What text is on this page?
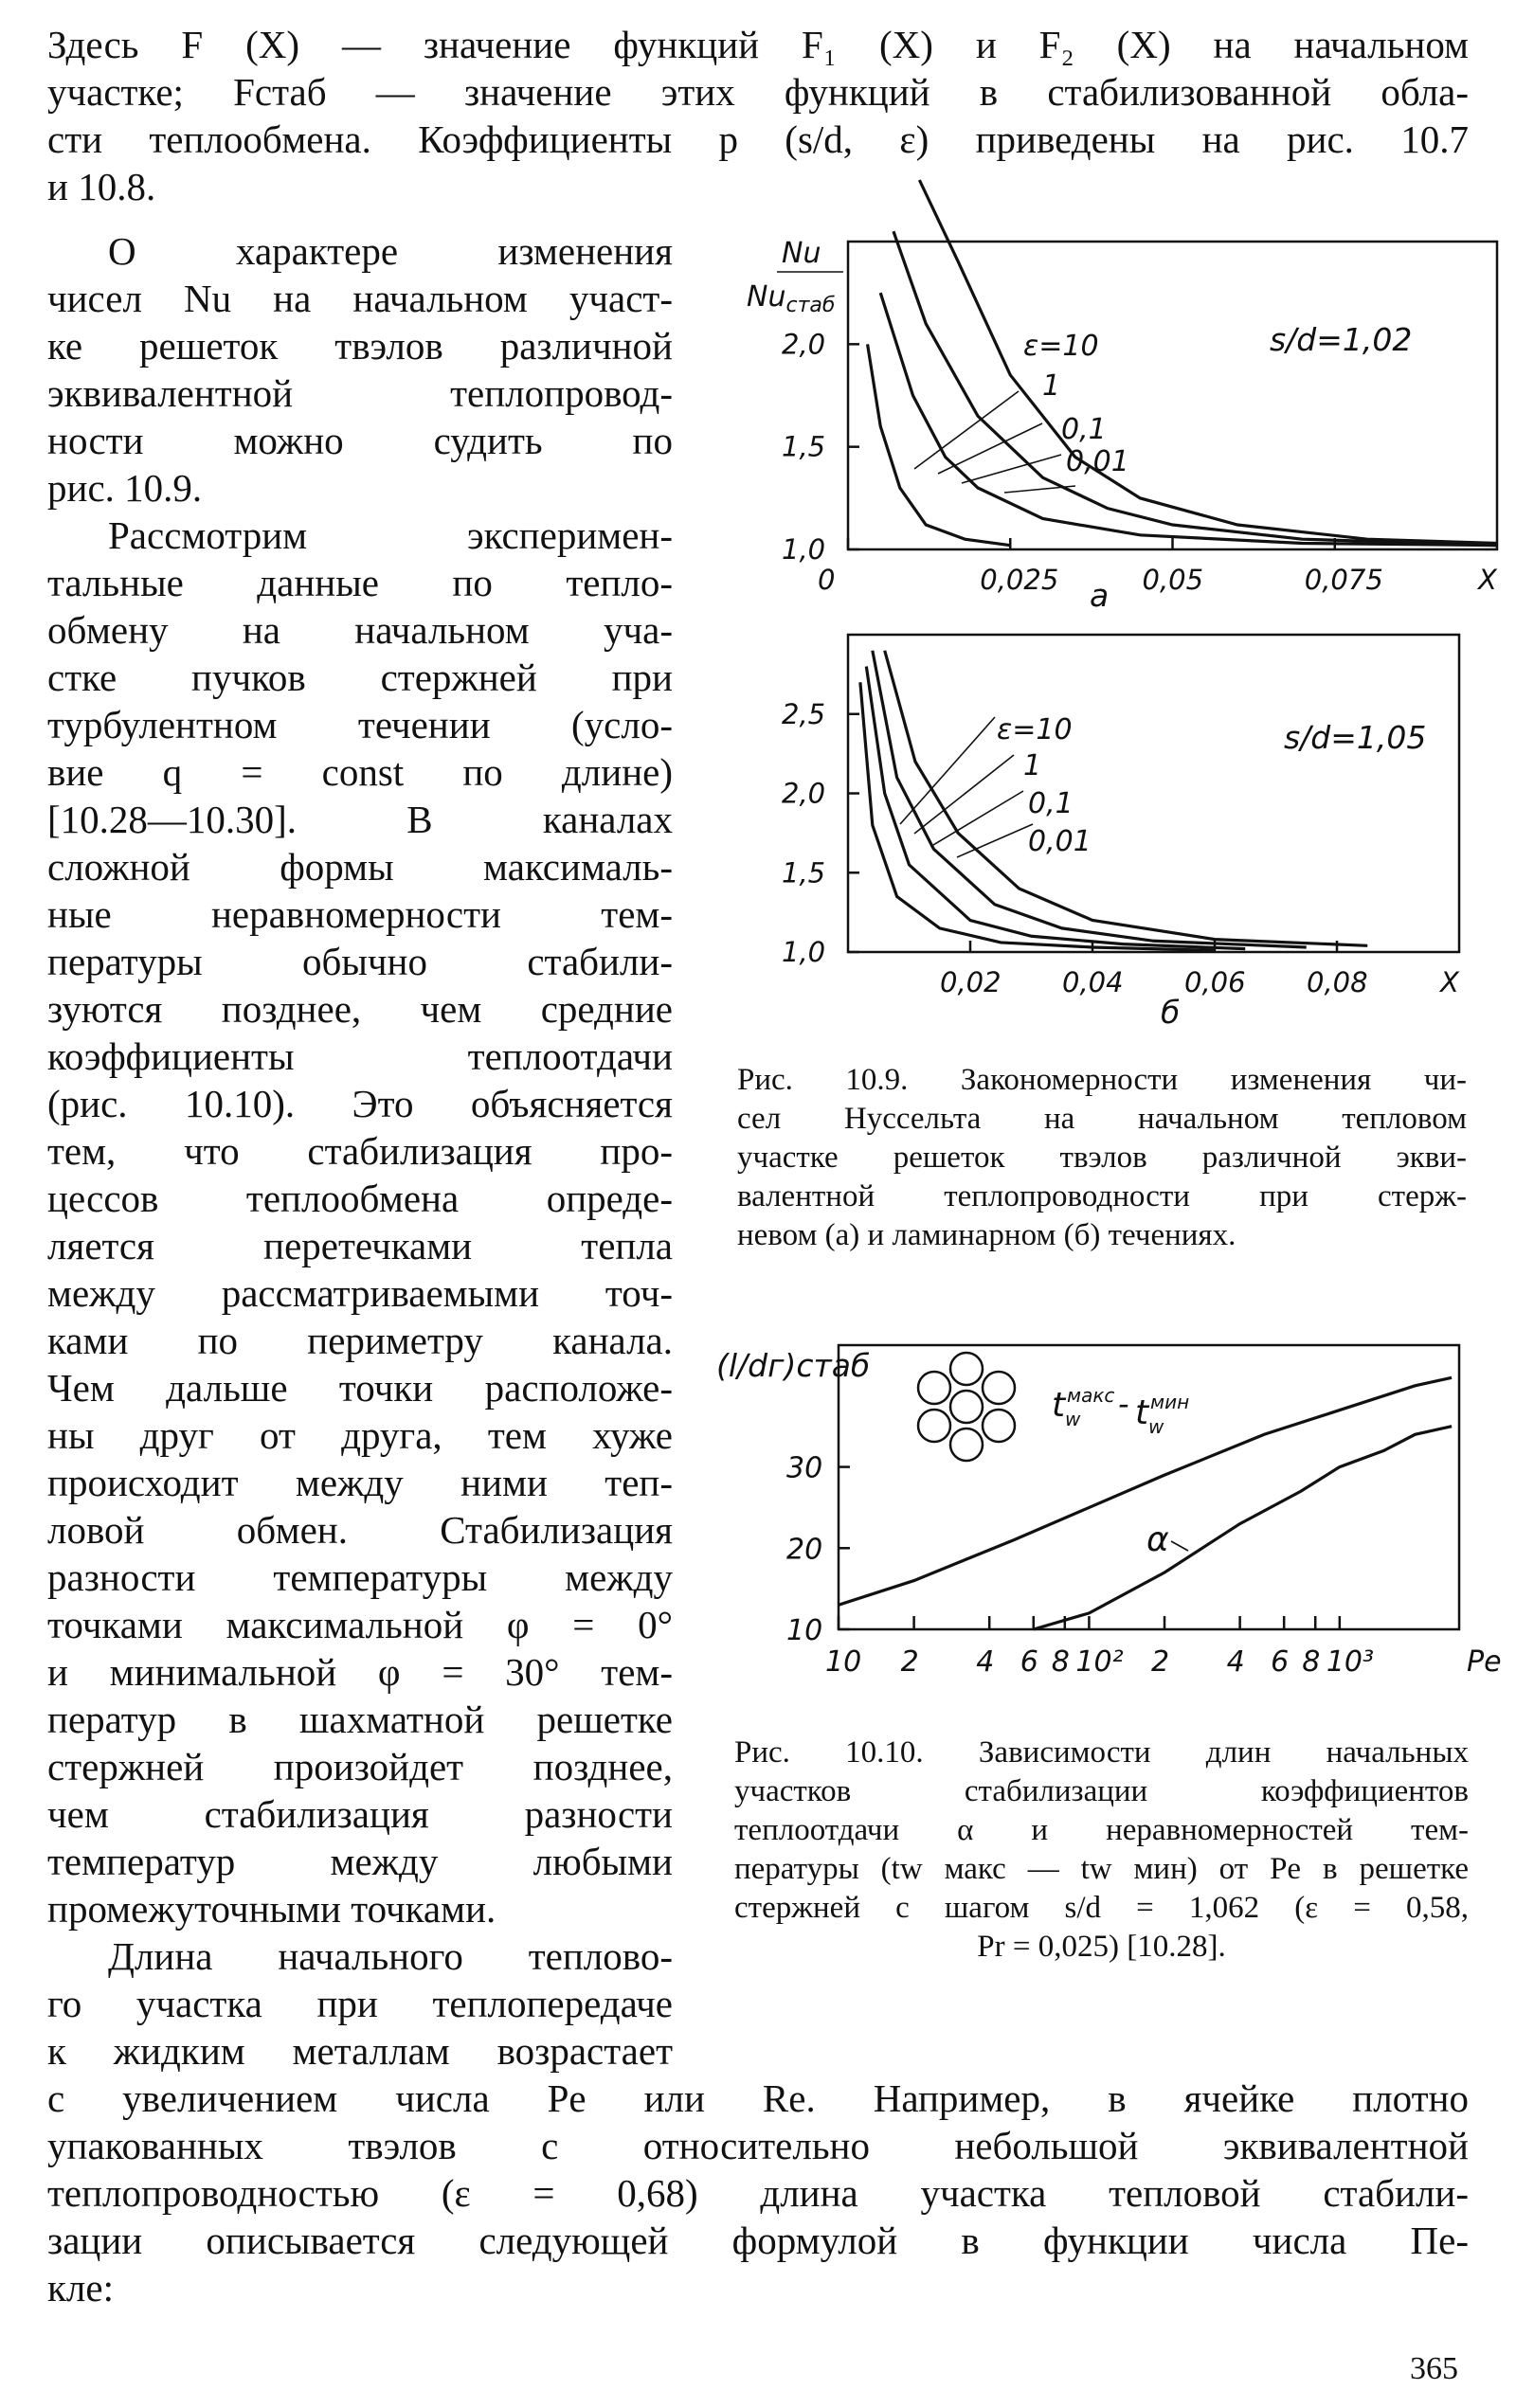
Здесь F (X) — значение функций F₁ (X) и F₂ (X) на начальном
участке; Fстаб — значение этих функций в стабилизованной обла-
сти теплообмена. Коэффициенты p (s/d, ε) приведены на рис. 10.7
и 10.8.
О характере изменения
чисел Nu на начальном участ-
ке решеток твэлов различной
эквивалентной теплопровод-
ности можно судить по
рис. 10.9.
Рассмотрим эксперимен-
тальные данные по тепло-
обмену на начальном уча-
стке пучков стержней при
турбулентном течении (усло-
вие q = const по длине)
[10.28—10.30]. В каналах
сложной формы максималь-
ные неравномерности тем-
пературы обычно стабили-
зуются позднее, чем средние
коэффициенты теплоотдачи
(рис. 10.10). Это объясняется
тем, что стабилизация про-
цессов теплообмена опреде-
ляется перетечками тепла
между рассматриваемыми точ-
ками по периметру канала.
Чем дальше точки расположе-
ны друг от друга, тем хуже
происходит между ними теп-
ловой обмен. Стабилизация
разности температуры между
точками максимальной φ = 0°
и минимальной φ = 30° тем-
ператур в шахматной решетке
стержней произойдет позднее,
чем стабилизация разности
температур между любыми
промежуточными точками.
Длина начального теплово-
го участка при теплопередаче
к жидким металлам возрастает
с увеличением числа Pe или Re. Например, в ячейке плотно
упакованных твэлов с относительно небольшой эквивалентной
теплопроводностью (ε = 0,68) длина участка тепловой стабили-
зации описывается следующей формулой в функции числа Пе-
кле:
Nu
$Nu_{стаб}$
1,0
1,5
2,0
0	0,025	0,05	0,075	X
ε=10
1
0,1
0,01
s/d=1,02
а
1,0
1,5
2,0
2,5
0,02 0,04 0,06 0,08	X
ε=10
1
0,1
0,01
s/d=1,05
б
Рис. 10.9. Закономерности изменения чи-
сел Нуссельта на начальном тепловом
участке решеток твэлов различной экви-
валентной теплопроводности при стерж-
невом (а) и ламинарном (б) течениях.
(l/dг)стаб
10
20
30
10 2 4 6 8 10² 2 4 6 8 10³	Pe
t макс
w - t мин
w
α
Рис. 10.10. Зависимости длин начальных
участков стабилизации коэффициентов
теплоотдачи α и неравномерностей тем-
пературы (tw макс — tw мин) от Pe в решетке
стержней с шагом s/d = 1,062 (ε = 0,58,
Pr = 0,025) [10.28].
365
